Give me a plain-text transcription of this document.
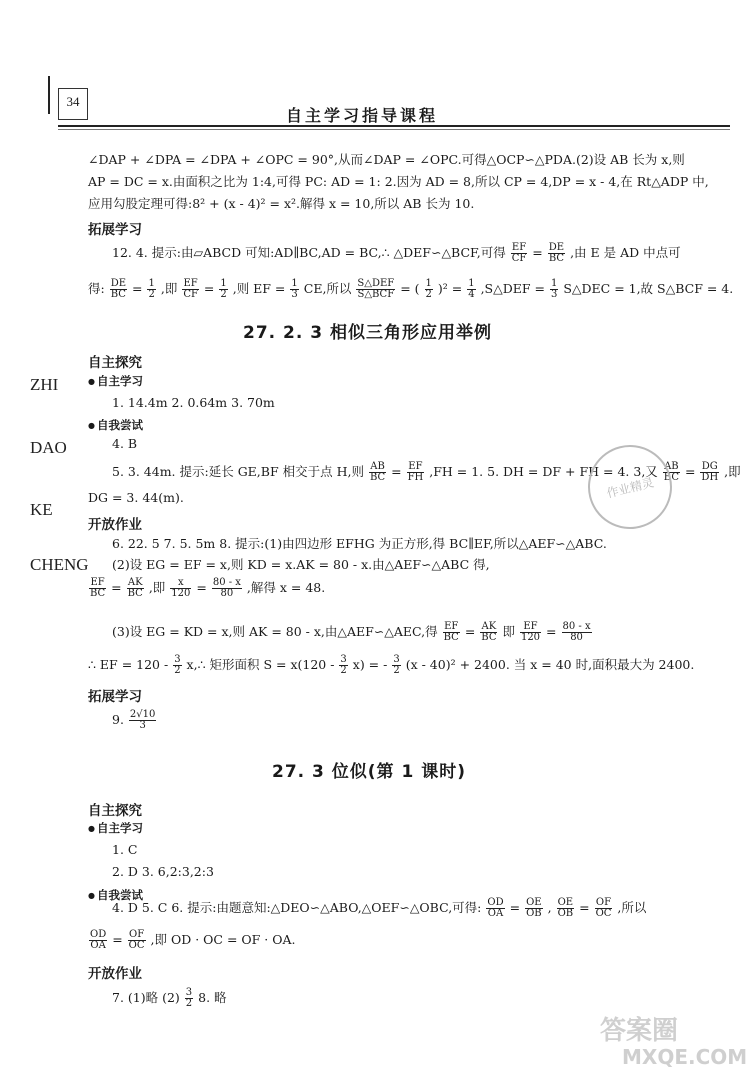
34
自主学习指导课程
ZHI
DAO
KE
CHENG
∠DAP + ∠DPA = ∠DPA + ∠OPC = 90°,从而∠DAP = ∠OPC.可得△OCP∽△PDA.(2)设 AB 长为 x,则
AP = DC = x.由面积之比为 1:4,可得 PC: AD = 1: 2.因为 AD = 8,所以 CP = 4,DP = x - 4,在 Rt△ADP 中,
应用勾股定理可得:8² + (x - 4)² = x².解得 x = 10,所以 AB 长为 10.
拓展学习
12. 4. 提示:由▱ABCD 可知:AD∥BC,AD = BC,∴ △DEF∽△BCF,可得 $\frac{EF}{CF} = \frac{DE}{BC}$ ,由 E 是 AD 中点可
得: $\frac{DE}{BC} = \frac{1}{2}$ ,即 $\frac{EF}{CF} = \frac{1}{2}$ ,则 EF = $\frac{1}{3}$ CE,所以 $\frac{\text{S△DEF}}{\text{S△BCF}}$ = ( $\frac{1}{2} )^2 = \frac{1}{4}$ ,S△DEF = $\frac{1}{3}$ S△DEC = 1,故 S△BCF = 4.
27. 2. 3 相似三角形应用举例
自主探究
● 自主学习
1. 14.4m 2. 0.64m 3. 70m
● 自我尝试
4. B
5. 3. 44m. 提示:延长 GE,BF 相交于点 H,则 $\frac{AB}{BC} = \frac{EF}{FH} ,FH = 1$. 5. DH = DF + FH = 4. 3,又 $\frac{AB}{BC} = \frac{DG}{DH}$ ,即
DG = 3. 44(m).
开放作业
6. 22. 5 7. 5. 5m 8. 提示:(1)由四边形 EFHG 为正方形,得 BC∥EF,所以△AEF∽△ABC.
(2)设 EG = EF = x,则 KD = x.AK = 80 - x.由△AEF∽△ABC 得,
$\frac{EF}{BC} = \frac{AK}{BC}$ ,即 $\frac{x}{120} = \frac{80 - x}{80}$ ,解得 x = 48.
(3)设 EG = KD = x,则 AK = 80 - x,由△AEF∽△AEC,得 $\frac{EF}{BC} = \frac{AK}{BC}$ 即 $\frac{EF}{120} = \frac{80 - x}{80}$
∴ EF = $120 - \frac{3}{2}$ x,∴ 矩形面积 $S = x(120 - \frac{3}{2} x)$ = - $\frac{3}{2} (x - 40)^2 + 2400$. 当 x = 40 时,面积最大为 2400.
拓展学习
9. $\frac{2√10}{3}$
27. 3 位似(第 1 课时)
自主探究
● 自主学习
1. C
2. D 3. 6,2:3,2:3
● 自我尝试
4. D 5. C 6. 提示:由题意知:△DEO∽△ABO,△OEF∽△OBC,可得: $\frac{OD}{OA} = \frac{OE}{OB}$ , $\frac{OE}{OB} = \frac{OF}{OC}$ ,所以
$\frac{OD}{OA} = \frac{OF}{OC}$ ,即 OD · OC = OF · OA.
开放作业
7. (1)略 $(2) \frac{3}{2} 8$. 略
作业精灵
答案圈
MXQE.COM
